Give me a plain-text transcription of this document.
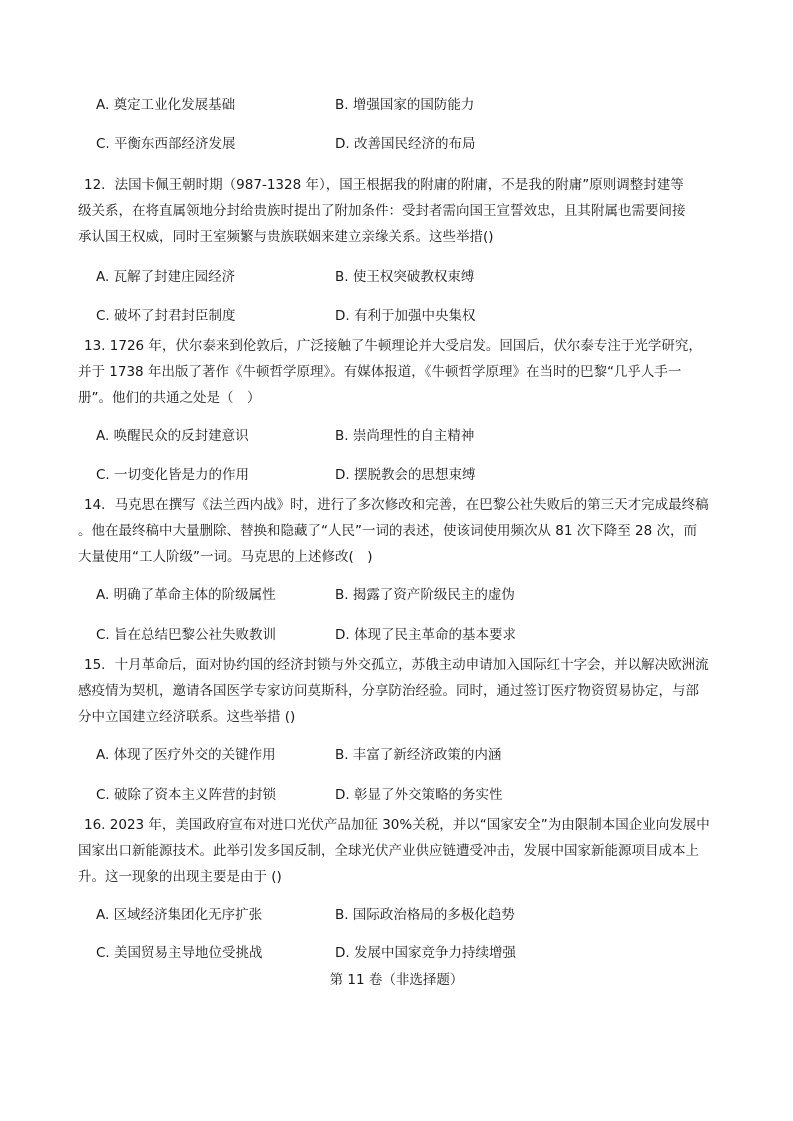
A. 奠定工业化发展基础	B. 增强国家的国防能力
C. 平衡东西部经济发展	D. 改善国民经济的布局
12．法国卡佩王朝时期（987-1328 年），国王根据我的附庸的附庸，不是我的附庸”原则调整封建等
级关系，在将直属领地分封给贵族时提出了附加条件：受封者需向国王宣誓效忠，且其附属也需要间接
承认国王权威，同时王室频繁与贵族联姻来建立亲缘关系。这些举措()
A. 瓦解了封建庄园经济	B. 使王权突破教权束缚
C. 破坏了封君封臣制度	D. 有利于加强中央集权
13. 1726 年，伏尔泰来到伦敦后，广泛接触了牛顿理论并大受启发。回国后，伏尔泰专注于光学研究，
并于 1738 年出版了著作《牛顿哲学原理》。有媒体报道，《牛顿哲学原理》在当时的巴黎“几乎人手一
册”。他们的共通之处是（　）
A. 唤醒民众的反封建意识	B. 崇尚理性的自主精神
C. 一切变化皆是力的作用	D. 摆脱教会的思想束缚
14．马克思在撰写《法兰西内战》时，进行了多次修改和完善，在巴黎公社失败后的第三天才完成最终稿
。他在最终稿中大量删除、替换和隐藏了“人民”一词的表述，使该词使用频次从 81 次下降至 28 次，而
大量使用“工人阶级”一词。马克思的上述修改(　)
A. 明确了革命主体的阶级属性	B. 揭露了资产阶级民主的虚伪
C. 旨在总结巴黎公社失败教训	D. 体现了民主革命的基本要求
15．十月革命后，面对协约国的经济封锁与外交孤立，苏俄主动申请加入国际红十字会，并以解决欧洲流
感疫情为契机，邀请各国医学专家访问莫斯科，分享防治经验。同时，通过签订医疗物资贸易协定，与部
分中立国建立经济联系。这些举措 ()
A. 体现了医疗外交的关键作用	B. 丰富了新经济政策的内涵
C. 破除了资本主义阵营的封锁	D. 彰显了外交策略的务实性
16. 2023 年，美国政府宣布对进口光伏产品加征 30%关税，并以“国家安全”为由限制本国企业向发展中
国家出口新能源技术。此举引发多国反制，全球光伏产业供应链遭受冲击，发展中国家新能源项目成本上
升。这一现象的出现主要是由于 ()
A. 区域经济集团化无序扩张	B. 国际政治格局的多极化趋势
C. 美国贸易主导地位受挑战	D. 发展中国家竞争力持续增强
第 11 卷（非选择题）
